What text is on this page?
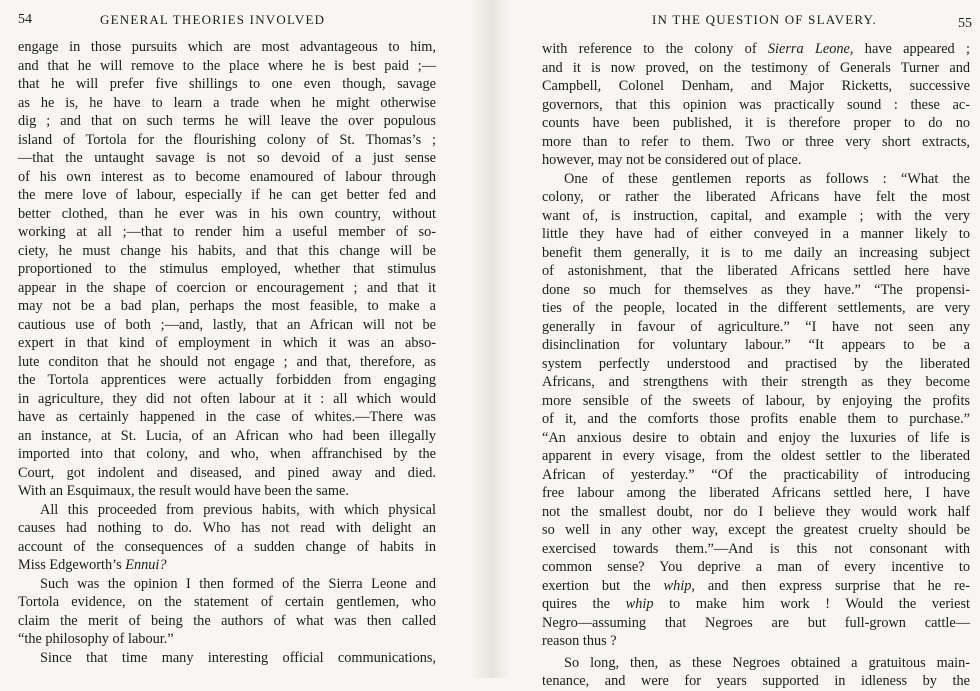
54	GENERAL THEORIES INVOLVED
engage in those pursuits which are most advantageous to him,
and that he will remove to the place where he is best paid ;—
that he will prefer five shillings to one even though, savage
as he is, he have to learn a trade when he might otherwise
dig ; and that on such terms he will leave the over populous
island of Tortola for the flourishing colony of St. Thomas’s ;
—that the untaught savage is not so devoid of a just sense
of his own interest as to become enamoured of labour through
the mere love of labour, especially if he can get better fed and
better clothed, than he ever was in his own country, without
working at all ;—that to render him a useful member of so-
ciety, he must change his habits, and that this change will be
proportioned to the stimulus employed, whether that stimulus
appear in the shape of coercion or encouragement ; and that it
may not be a bad plan, perhaps the most feasible, to make a
cautious use of both ;—and, lastly, that an African will not be
expert in that kind of employment in which it was an abso-
lute conditon that he should not engage ; and that, therefore, as
the Tortola apprentices were actually forbidden from engaging
in agriculture, they did not often labour at it : all which would
have as certainly happened in the case of whites.—There was
an instance, at St. Lucia, of an African who had been illegally
imported into that colony, and who, when affranchised by the
Court, got indolent and diseased, and pined away and died.
With an Esquimaux, the result would have been the same.
All this proceeded from previous habits, with which physical
causes had nothing to do. Who has not read with delight an
account of the consequences of a sudden change of habits in
Miss Edgeworth’s Ennui?
Such was the opinion I then formed of the Sierra Leone and
Tortola evidence, on the statement of certain gentlemen, who
claim the merit of being the authors of what was then called
“the philosophy of labour.”
Since that time many interesting official communications,
IN THE QUESTION OF SLAVERY.	55
with reference to the colony of Sierra Leone, have appeared ;
and it is now proved, on the testimony of Generals Turner and
Campbell, Colonel Denham, and Major Ricketts, successive
governors, that this opinion was practically sound : these ac-
counts have been published, it is therefore proper to do no
more than to refer to them. Two or three very short extracts,
however, may not be considered out of place.
One of these gentlemen reports as follows : “What the
colony, or rather the liberated Africans have felt the most
want of, is instruction, capital, and example ; with the very
little they have had of either conveyed in a manner likely to
benefit them generally, it is to me daily an increasing subject
of astonishment, that the liberated Africans settled here have
done so much for themselves as they have.” “The propensi-
ties of the people, located in the different settlements, are very
generally in favour of agriculture.” “I have not seen any
disinclination for voluntary labour.” “It appears to be a
system perfectly understood and practised by the liberated
Africans, and strengthens with their strength as they become
more sensible of the sweets of labour, by enjoying the profits
of it, and the comforts those profits enable them to purchase.”
“An anxious desire to obtain and enjoy the luxuries of life is
apparent in every visage, from the oldest settler to the liberated
African of yesterday.” “Of the practicability of introducing
free labour among the liberated Africans settled here, I have
not the smallest doubt, nor do I believe they would work half
so well in any other way, except the greatest cruelty should be
exercised towards them.”—And is this not consonant with
common sense? You deprive a man of every incentive to
exertion but the whip, and then express surprise that he re-
quires the whip to make him work ! Would the veriest
Negro—assuming that Negroes are but full-grown cattle—
reason thus ?
So long, then, as these Negroes obtained a gratuitous main-
tenance, and were for years supported in idleness by the
